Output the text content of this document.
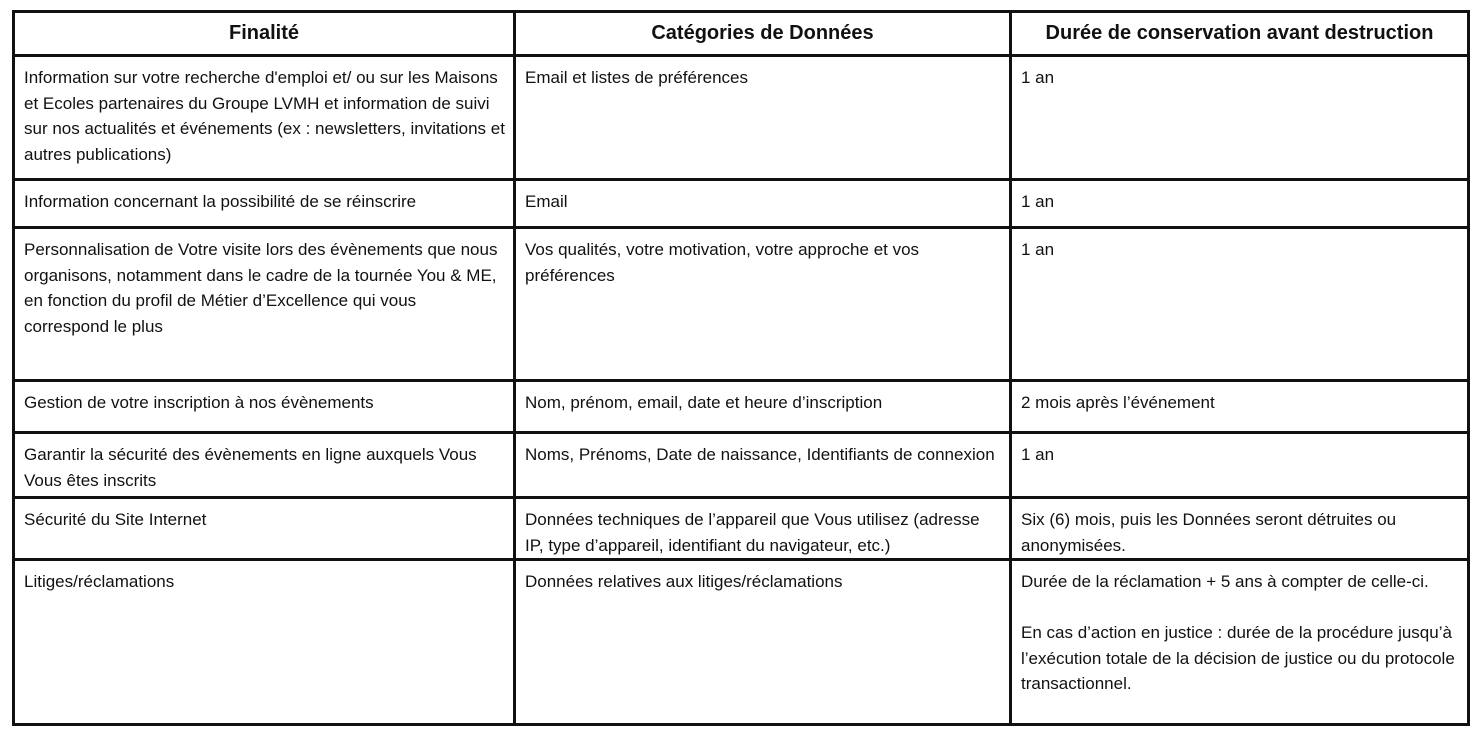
Finalité	Catégories de Données	Durée de conservation avant destruction
Information sur votre recherche d'emploi et/ ou sur les Maisons et Ecoles partenaires du Groupe LVMH et information de suivi sur nos actualités et événements (ex : newsletters, invitations et autres publications)	Email et listes de préférences	1 an
Information concernant la possibilité de se réinscrire	Email	1 an
Personnalisation de Votre visite lors des évènements que nous organisons, notamment dans le cadre de la tournée You & ME, en fonction du profil de Métier d’Excellence qui vous correspond le plus	Vos qualités, votre motivation, votre approche et vos préférences	1 an
Gestion de votre inscription à nos évènements	Nom, prénom, email, date et heure d’inscription	2 mois après l’événement
Garantir la sécurité des évènements en ligne auxquels Vous Vous êtes inscrits	Noms, Prénoms, Date de naissance, Identifiants de connexion	1 an
Sécurité du Site Internet	Données techniques de l’appareil que Vous utilisez (adresse IP, type d’appareil, identifiant du navigateur, etc.)	Six (6) mois, puis les Données seront détruites ou anonymisées.
Litiges/réclamations	Données relatives aux litiges/réclamations	Durée de la réclamation + 5 ans à compter de celle-ci.
En cas d’action en justice : durée de la procédure jusqu’à l’exécution totale de la décision de justice ou du protocole transactionnel.
